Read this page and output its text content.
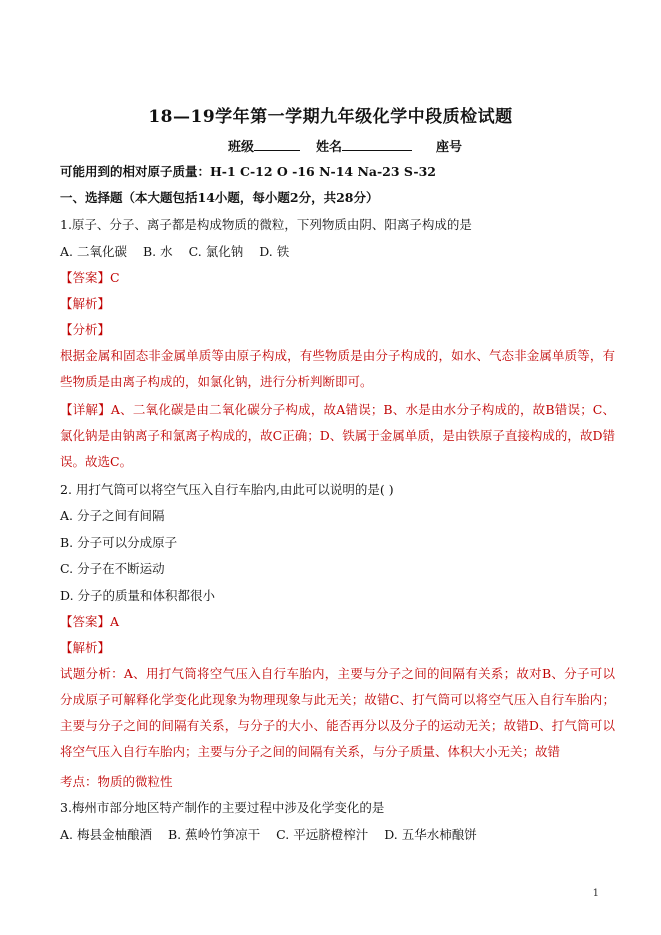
18—19学年第一学期九年级化学中段质检试题
班级	姓名	座号
可能用到的相对原子质量：H-1 C-12 O -16 N-14 Na-23 S-32
一、选择题（本大题包括14小题，每小题2分，共28分）
1.原子、分子、离子都是构成物质的微粒，下列物质由阴、阳离子构成的是
A. 二氧化碳 B. 水 C. 氯化钠 D. 铁
【答案】C
【解析】
【分析】
根据金属和固态非金属单质等由原子构成，有些物质是由分子构成的，如水、气态非金属单质等，有些物质是由离子构成的，如氯化钠，进行分析判断即可。
【详解】A、二氧化碳是由二氧化碳分子构成，故A错误；B、水是由水分子构成的，故B错误；C、氯化钠是由钠离子和氯离子构成的，故C正确；D、铁属于金属单质，是由铁原子直接构成的，故D错误。故选C。
2. 用打气筒可以将空气压入自行车胎内,由此可以说明的是( )
A. 分子之间有间隔
B. 分子可以分成原子
C. 分子在不断运动
D. 分子的质量和体积都很小
【答案】A
【解析】
试题分析：A、用打气筒将空气压入自行车胎内，主要与分子之间的间隔有关系；故对B、分子可以分成原子可解释化学变化此现象为物理现象与此无关；故错C、打气筒可以将空气压入自行车胎内；主要与分子之间的间隔有关系，与分子的大小、能否再分以及分子的运动无关；故错D、打气筒可以将空气压入自行车胎内；主要与分子之间的间隔有关系，与分子质量、体积大小无关；故错
考点：物质的微粒性
3.梅州市部分地区特产制作的主要过程中涉及化学变化的是
A. 梅县金柚酿酒 B. 蕉岭竹笋凉干 C. 平远脐橙榨汁 D. 五华水柿酿饼
1
